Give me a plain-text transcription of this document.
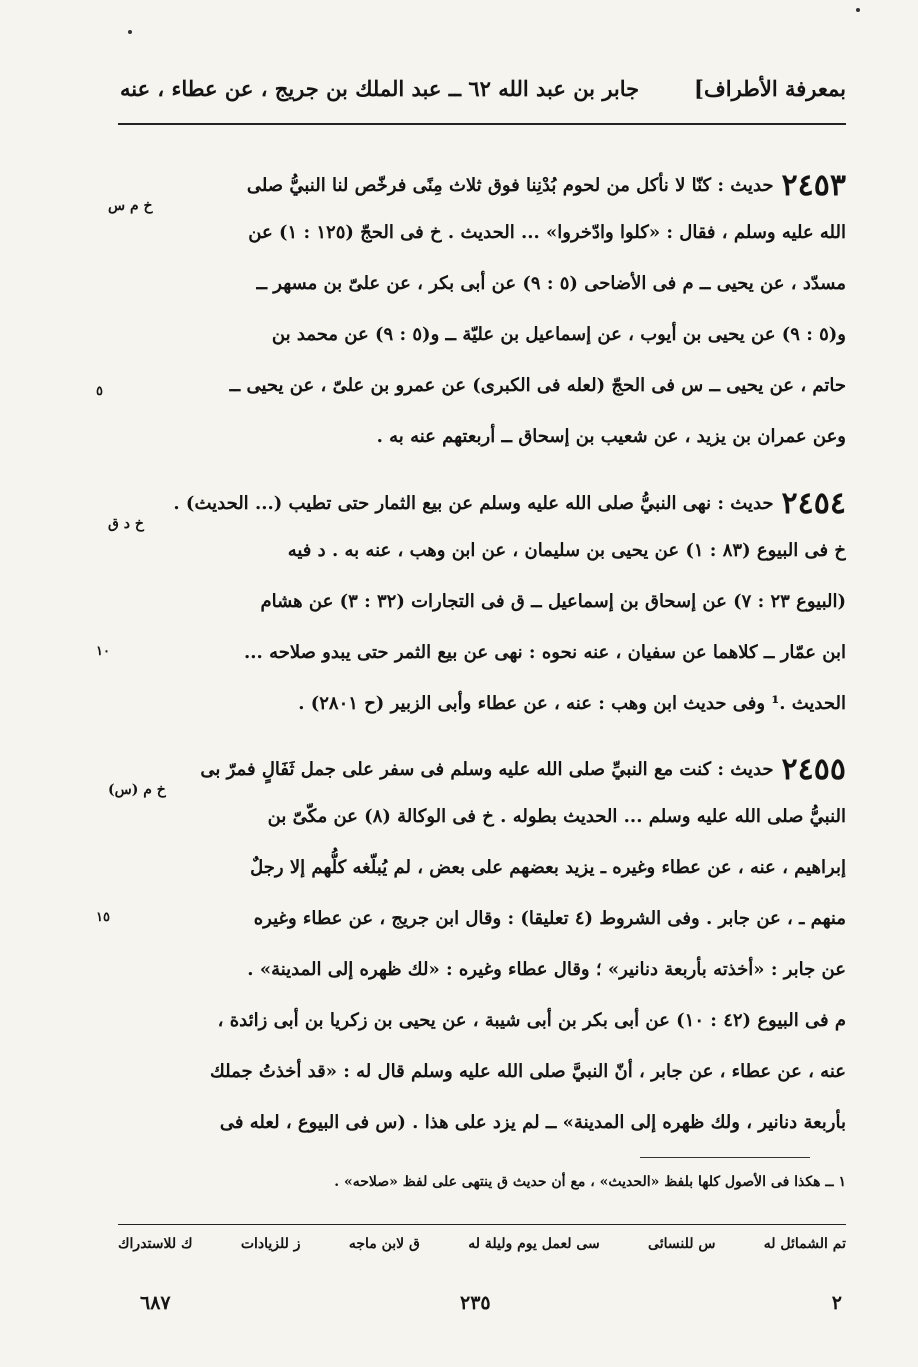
بمعرفة الأطراف]
جابر بن عبد الله ٦٢ ــ عبد الملك بن جريج ، عن عطاء ، عنه
خ م س
٥
٢٤٥٣حديث : كنّا لا نأكل من لحوم بُدْنِنا فوق ثلاث مِنًى فرخّص لنا النبيُّ صلى
الله عليه وسلم ، فقال : «كلوا وادّخروا» ... الحديث . خ فى الحجّ (١٢٥ : ١) عن
مسدّد ، عن يحيى ــ م فى الأضاحى (٥ : ٩) عن أبى بكر ، عن علىّ بن مسهر ــ
و(٥ : ٩) عن يحيى بن أيوب ، عن إسماعيل بن عليّة ــ و(٥ : ٩) عن محمد بن
حاتم ، عن يحيى ــ س فى الحجّ (لعله فى الكبرى) عن عمرو بن علىّ ، عن يحيى ــ
وعن عمران بن يزيد ، عن شعيب بن إسحاق ــ أربعتهم عنه به .
خ د ق
١٠
٢٤٥٤حديث : نهى النبيُّ صلى الله عليه وسلم عن بيع الثمار حتى تطيب (... الحديث) .
خ فى البيوع (٨٣ : ١) عن يحيى بن سليمان ، عن ابن وهب ، عنه به . د فيه
(البيوع ٢٣ : ٧) عن إسحاق بن إسماعيل ــ ق فى التجارات (٣٢ : ٣) عن هشام
ابن عمّار ــ كلاهما عن سفيان ، عنه نحوه : نهى عن بيع الثمر حتى يبدو صلاحه ...
الحديث .¹ وفى حديث ابن وهب : عنه ، عن عطاء وأبى الزبير (ح ٢٨٠١) .
خ م (س)
١٥
٢٤٥٥حديث : كنت مع النبيِّ صلى الله عليه وسلم فى سفر على جمل ثَفَالٍ فمرّ بى
النبيُّ صلى الله عليه وسلم ... الحديث بطوله . خ فى الوكالة (٨) عن مكّىّ بن
إبراهيم ، عنه ، عن عطاء وغيره ـ يزيد بعضهم على بعض ، لم يُبلّغه كلُّهم إلا رجلٌ
منهم ـ ، عن جابر . وفى الشروط (٤ تعليقا) : وقال ابن جريج ، عن عطاء وغيره
عن جابر : «أخذته بأربعة دنانير» ؛ وقال عطاء وغيره : «لك ظهره إلى المدينة» .
م فى البيوع (٤٢ : ١٠) عن أبى بكر بن أبى شيبة ، عن يحيى بن زكريا بن أبى زائدة ،
عنه ، عن عطاء ، عن جابر ، أنّ النبيَّ صلى الله عليه وسلم قال له : «قد أخذتُ جملك
بأربعة دنانير ، ولك ظهره إلى المدينة» ــ لم يزد على هذا . (س فى البيوع ، لعله فى
١ ــ هكذا فى الأصول كلها بلفظ «الحديث» ، مع أن حديث ق ينتهى على لفظ «صلاحه» .
تم الشمائل له
س للنسائى
سى لعمل يوم وليلة له
ق لابن ماجه
ز للزيادات
ك للاستدراك
٦٨٧	٢٣٥	٢
